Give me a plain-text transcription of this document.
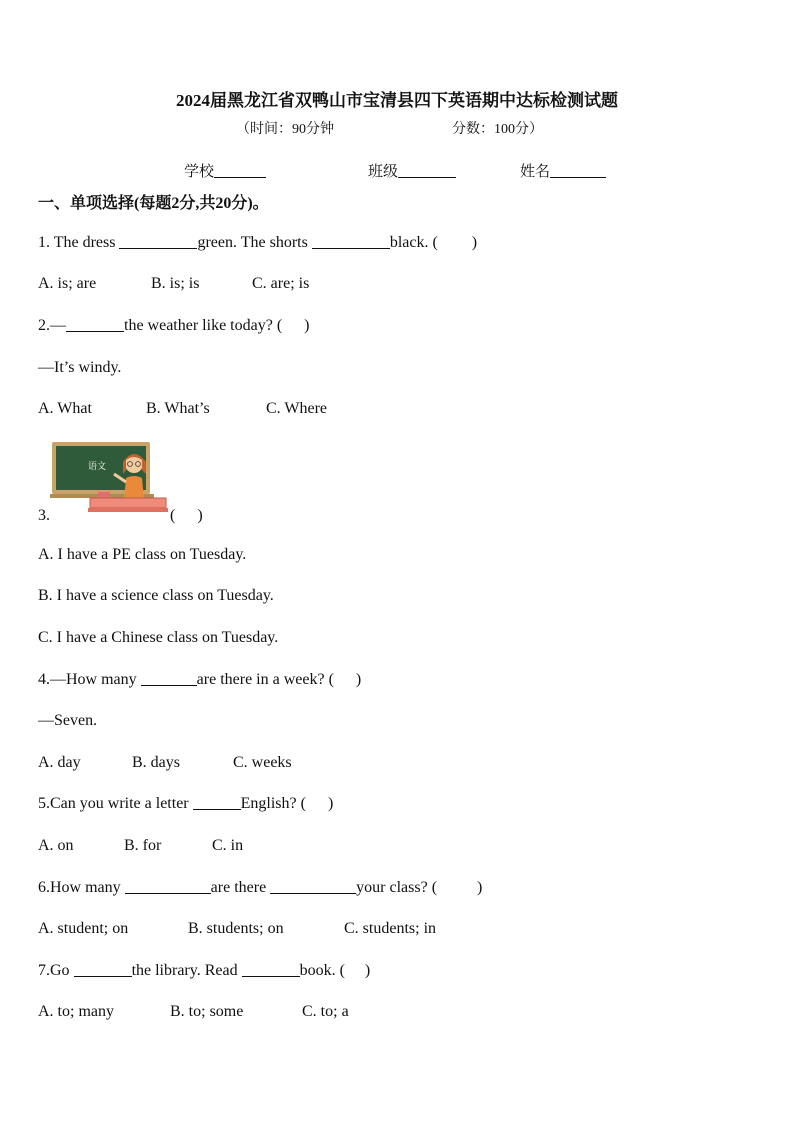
2024届黑龙江省双鸭山市宝清县四下英语期中达标检测试题
（时间：90分钟	分数：100分）
学校	班级	姓名
一、单项选择(每题2分,共20分)。
1. The dress	green. The shorts	black. ( )
A. is; are	B. is; is	C. are; is
2.—	the weather like today? ( )
—It’s windy.
A. What	B. What’s	C. Where
语文
3.	( )
A. I have a PE class on Tuesday.
B. I have a science class on Tuesday.
C. I have a Chinese class on Tuesday.
4.—How many	are there in a week? ( )
—Seven.
A. day	B. days	C. weeks
5.Can you write a letter	English? ( )
A. on	B. for	C. in
6.How many	are there	your class? (	)
A. student; on	B. students; on	C. students; in
7.Go	the library. Read	book. ( )
A. to; many	B. to; some	C. to; a
